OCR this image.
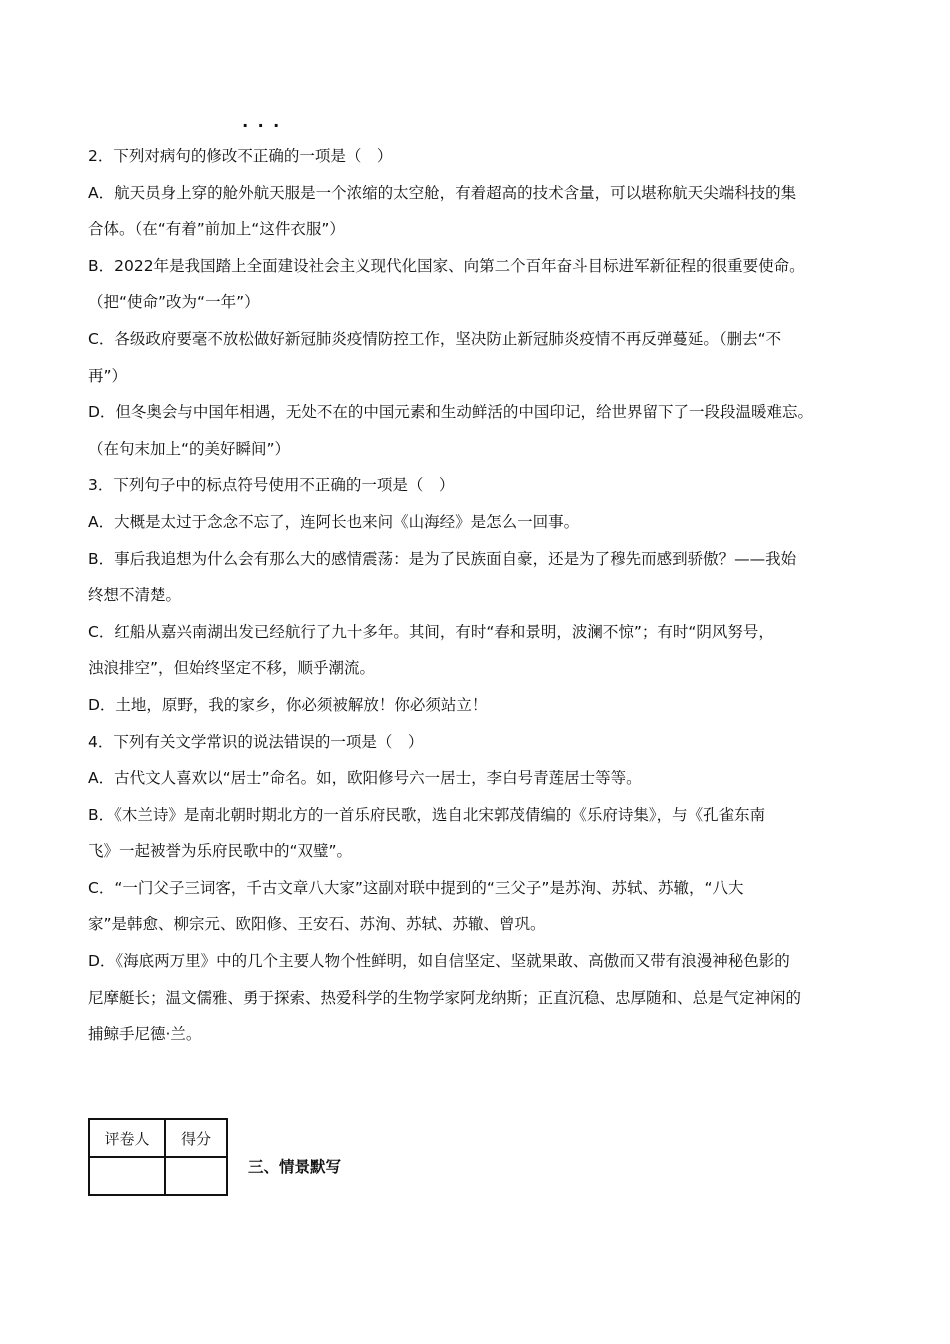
2．下列对病句的修改不正确的一项是（　）

A．航天员身上穿的舱外航天服是一个浓缩的太空舱，有着超高的技术含量，可以堪称航天尖端科技的集

合体。（在“有着”前加上“这件衣服”）

B．2022年是我国踏上全面建设社会主义现代化国家、向第二个百年奋斗目标进军新征程的很重要使命。

（把“使命”改为“一年”）

C．各级政府要毫不放松做好新冠肺炎疫情防控工作，坚决防止新冠肺炎疫情不再反弹蔓延。（删去“不

再”）

D．但冬奥会与中国年相遇，无处不在的中国元素和生动鲜活的中国印记，给世界留下了一段段温暖难忘。

（在句末加上“的美好瞬间”）

3．下列句子中的标点符号使用不正确的一项是（　）

A．大概是太过于念念不忘了，连阿长也来问《山海经》是怎么一回事。

B．事后我追想为什么会有那么大的感情震荡：是为了民族面自豪，还是为了穆先而感到骄傲？——我始

终想不清楚。

C．红船从嘉兴南湖出发已经航行了九十多年。其间，有时“春和景明，波澜不惊”；有时“阴风努号，

浊浪排空”，但始终坚定不移，顺乎潮流。

D．土地，原野，我的家乡，你必须被解放！你必须站立！

4．下列有关文学常识的说法错误的一项是（　）

A．古代文人喜欢以“居士”命名。如，欧阳修号六一居士，李白号青莲居士等等。

B．《木兰诗》是南北朝时期北方的一首乐府民歌，选自北宋郭茂倩编的《乐府诗集》，与《孔雀东南

飞》一起被誉为乐府民歌中的“双璧”。

C．“一门父子三词客，千古文章八大家”这副对联中提到的“三父子”是苏洵、苏轼、苏辙，“八大

家”是韩愈、柳宗元、欧阳修、王安石、苏洵、苏轼、苏辙、曾巩。

D．《海底两万里》中的几个主要人物个性鲜明，如自信坚定、坚就果敢、高傲而又带有浪漫神秘色影的

尼摩艇长；温文儒雅、勇于探索、热爱科学的生物学家阿龙纳斯；正直沉稳、忠厚随和、总是气定神闲的

捕鲸手尼德·兰。

评卷人	得分

三、情景默写
